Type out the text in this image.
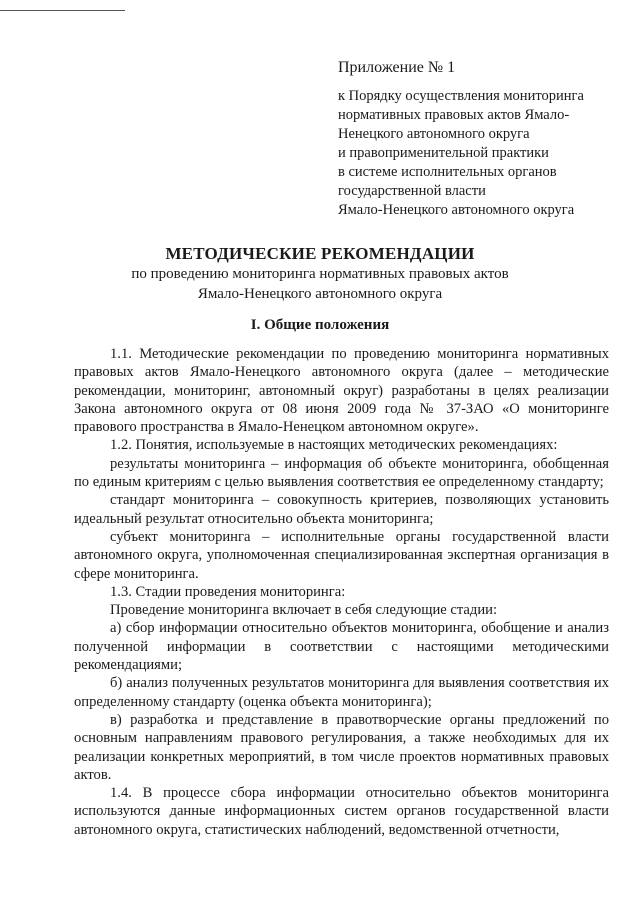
Приложение № 1
к Порядку осуществления мониторинга
нормативных правовых актов Ямало-
Ненецкого автономного округа
и правоприменительной практики
в системе исполнительных органов
государственной власти
Ямало-Ненецкого автономного округа
МЕТОДИЧЕСКИЕ РЕКОМЕНДАЦИИ
по проведению мониторинга нормативных правовых актов
Ямало-Ненецкого автономного округа
I. Общие положения

1.1. Методические рекомендации по проведению мониторинга нормативных правовых актов Ямало-Ненецкого автономного округа (далее – методические рекомендации, мониторинг, автономный округ) разработаны в целях реализации Закона автономного округа от 08 июня 2009 года № 37-ЗАО «О мониторинге правового пространства в Ямало-Ненецком автономном округе».

1.2. Понятия, используемые в настоящих методических рекомендациях:

результаты мониторинга – информация об объекте мониторинга, обобщенная по единым критериям с целью выявления соответствия ее определенному стандарту;

стандарт мониторинга – совокупность критериев, позволяющих установить идеальный результат относительно объекта мониторинга;

субъект мониторинга – исполнительные органы государственной власти автономного округа, уполномоченная специализированная экспертная организация в сфере мониторинга.

1.3. Стадии проведения мониторинга:

Проведение мониторинга включает в себя следующие стадии:

а) сбор информации относительно объектов мониторинга, обобщение и анализ полученной информации в соответствии с настоящими методическими рекомендациями;

б) анализ полученных результатов мониторинга для выявления соответствия их определенному стандарту (оценка объекта мониторинга);

в) разработка и представление в правотворческие органы предложений по основным направлениям правового регулирования, а также необходимых для их реализации конкретных мероприятий, в том числе проектов нормативных правовых актов.

1.4. В процессе сбора информации относительно объектов мониторинга используются данные информационных систем органов государственной власти автономного округа, статистических наблюдений, ведомственной отчетности,
